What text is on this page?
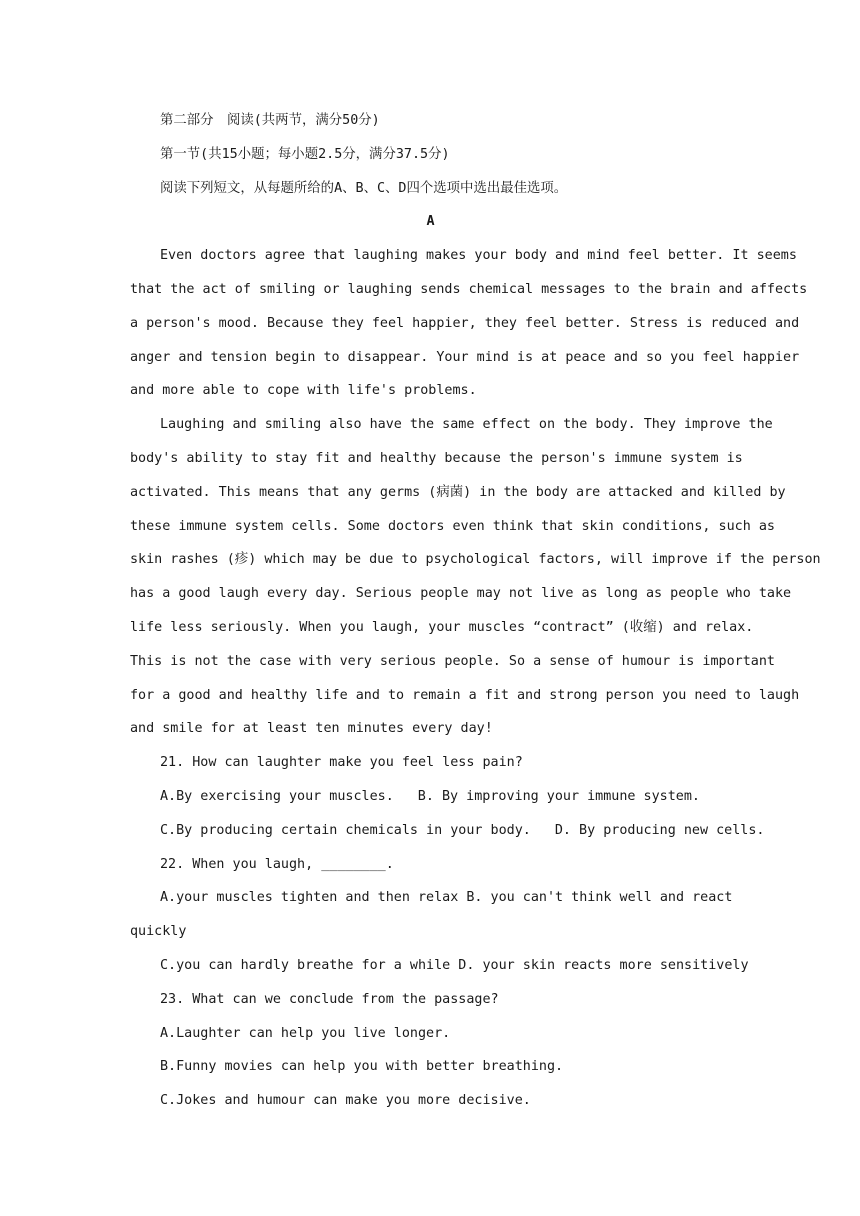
第二部分　阅读(共两节，满分50分)
第一节(共15小题；每小题2.5分，满分37.5分)
阅读下列短文，从每题所给的A、B、C、D四个选项中选出最佳选项。
A
Even doctors agree that laughing makes your body and mind feel better. It seems
that the act of smiling or laughing sends chemical messages to the brain and affects
a person's mood. Because they feel happier, they feel better. Stress is reduced and
anger and tension begin to disappear. Your mind is at peace and so you feel happier
and more able to cope with life's problems.
Laughing and smiling also have the same effect on the body. They improve the
body's ability to stay fit and healthy because the person's immune system is
activated. This means that any germs (病菌) in the body are attacked and killed by
these immune system cells. Some doctors even think that skin conditions, such as
skin rashes (疹) which may be due to psychological factors, will improve if the person
has a good laugh every day. Serious people may not live as long as people who take
life less seriously. When you laugh, your muscles “contract” (收缩) and relax.
This is not the case with very serious people. So a sense of humour is important
for a good and healthy life and to remain a fit and strong person you need to laugh
and smile for at least ten minutes every day!
21. How can laughter make you feel less pain?
A.By exercising your muscles. B. By improving your immune system.
C.By producing certain chemicals in your body. D. By producing new cells.
22. When you laugh, ________.
A.your muscles tighten and then relax B. you can't think well and react
quickly
C.you can hardly breathe for a while D. your skin reacts more sensitively
23. What can we conclude from the passage?
A.Laughter can help you live longer.
B.Funny movies can help you with better breathing.
C.Jokes and humour can make you more decisive.
